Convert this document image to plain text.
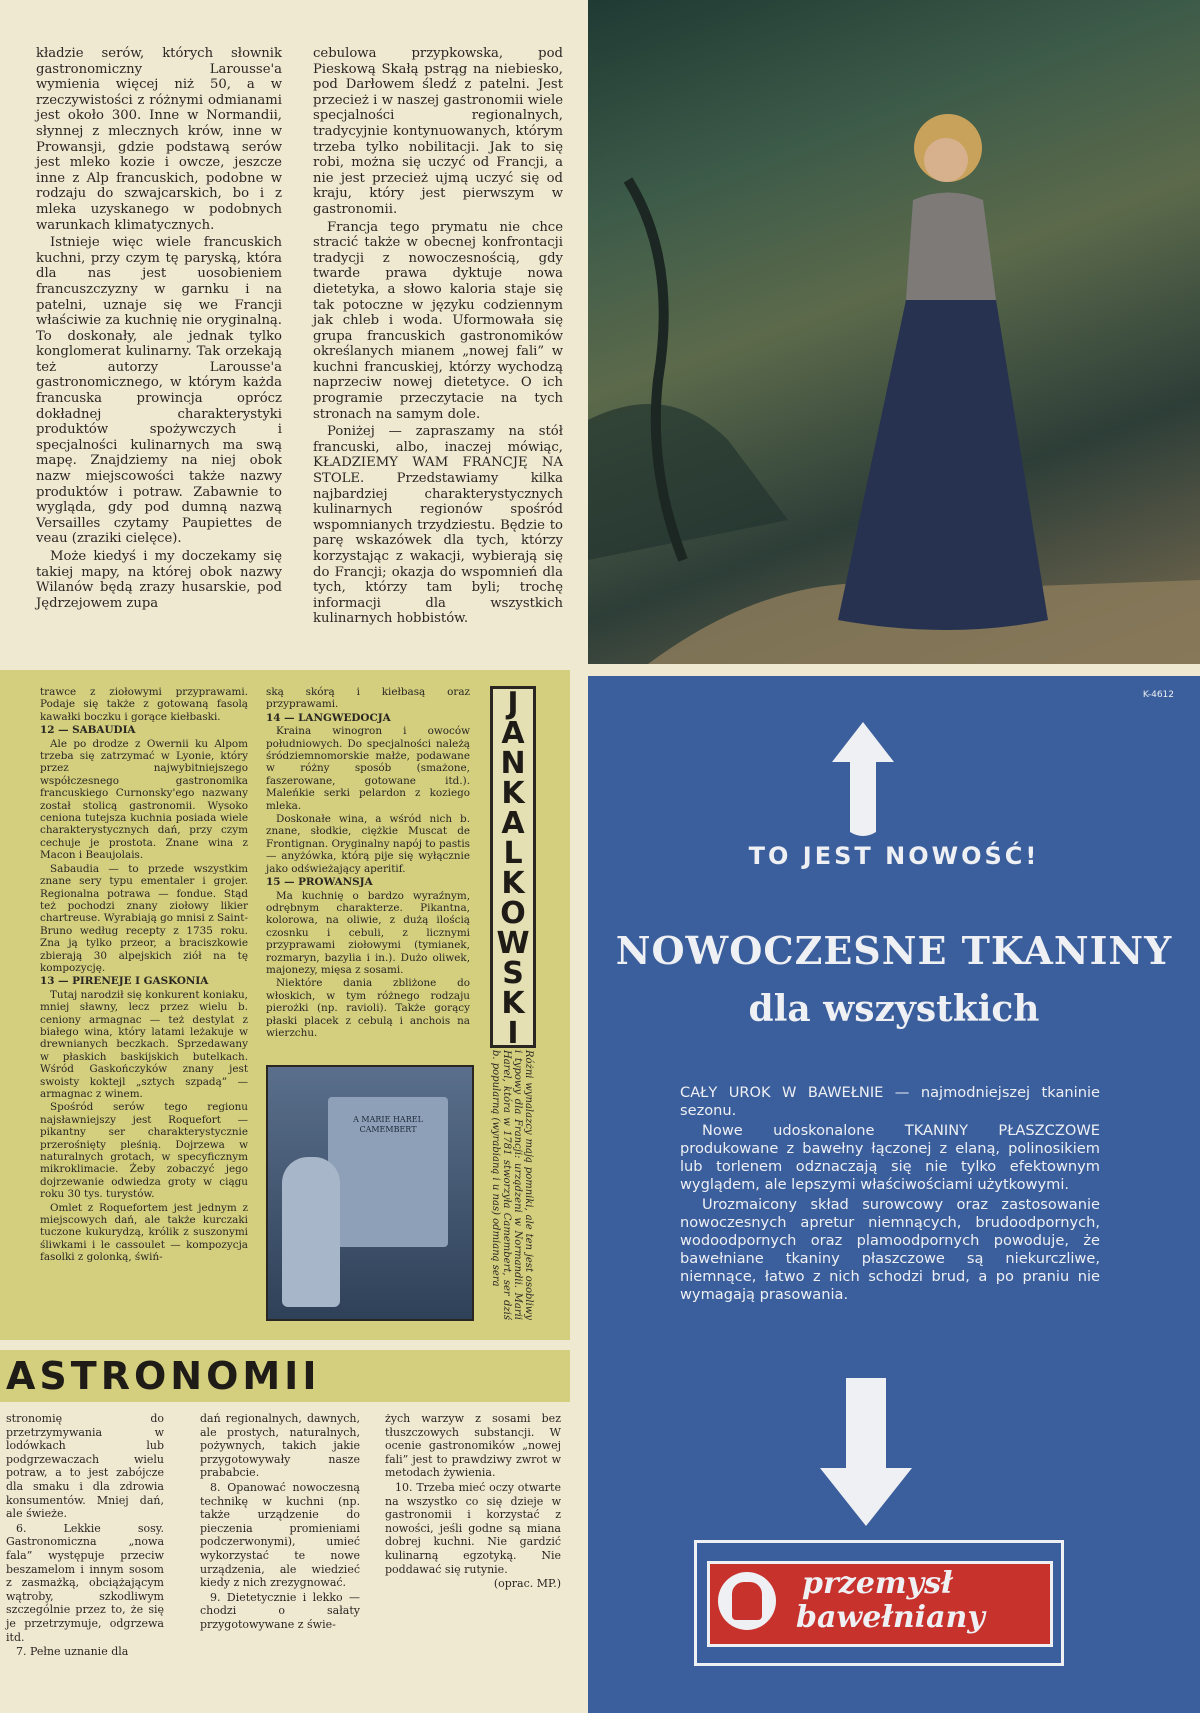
kładzie serów, których słownik gastronomiczny Larousse'a wymienia więcej niż 50, a w rzeczywistości z różnymi odmianami jest około 300. Inne w Normandii, słynnej z mlecznych krów, inne w Prowansji, gdzie podstawą serów jest mleko kozie i owcze, jeszcze inne z Alp francuskich, podobne w rodzaju do szwajcarskich, bo i z mleka uzyskanego w podobnych warunkach klimatycznych.

Istnieje więc wiele francuskich kuchni, przy czym tę paryską, która dla nas jest uosobieniem francuszczyzny w garnku i na patelni, uznaje się we Francji właściwie za kuchnię nie oryginalną. To doskonały, ale jednak tylko konglomerat kulinarny. Tak orzekają też autorzy Larousse'a gastronomicznego, w którym każda francuska prowincja oprócz dokładnej charakterystyki produktów spożywczych i specjalności kulinarnych ma swą mapę. Znajdziemy na niej obok nazw miejscowości także nazwy produktów i potraw. Zabawnie to wygląda, gdy pod dumną nazwą Versailles czytamy Paupiettes de veau (zraziki cielęce).

Może kiedyś i my doczekamy się takiej mapy, na której obok nazwy Wilanów będą zrazy husarskie, pod Jędrzejowem zupa

cebulowa przypkowska, pod Pieskową Skałą pstrąg na niebiesko, pod Darłowem śledź z patelni. Jest przecież i w naszej gastronomii wiele specjalności regionalnych, tradycyjnie kontynuowanych, którym trzeba tylko nobilitacji. Jak to się robi, można się uczyć od Francji, a nie jest przecież ujmą uczyć się od kraju, który jest pierwszym w gastronomii.

Francja tego prymatu nie chce stracić także w obecnej konfrontacji tradycji z nowoczesnością, gdy twarde prawa dyktuje nowa dietetyka, a słowo kaloria staje się tak potoczne w języku codziennym jak chleb i woda. Uformowała się grupa francuskich gastronomików określanych mianem „nowej fali” w kuchni francuskiej, którzy wychodzą naprzeciw nowej dietetyce. O ich programie przeczytacie na tych stronach na samym dole.

Poniżej — zapraszamy na stół francuski, albo, inaczej mówiąc, KŁADZIEMY WAM FRANCJĘ NA STOLE. Przedstawiamy kilka najbardziej charakterystycznych kulinarnych regionów spośród wspomnianych trzydziestu. Będzie to parę wskazówek dla tych, którzy korzystając z wakacji, wybierają się do Francji; okazja do wspomnień dla tych, którzy tam byli; trochę informacji dla wszystkich kulinarnych hobbistów.

trawce z ziołowymi przyprawami. Podaje się także z gotowaną fasolą kawałki boczku i gorące kiełbaski.

12 — SABAUDIA

Ale po drodze z Owernii ku Alpom trzeba się zatrzymać w Lyonie, który przez najwybitniejszego współczesnego gastronomika francuskiego Curnonsky'ego nazwany został stolicą gastronomii. Wysoko ceniona tutejsza kuchnia posiada wiele charakterystycznych dań, przy czym cechuje je prostota. Znane wina z Macon i Beaujolais.

Sabaudia — to przede wszystkim znane sery typu ementaler i grojer. Regionalna potrawa — fondue. Stąd też pochodzi znany ziołowy likier chartreuse. Wyrabiają go mnisi z Saint-Bruno według recepty z 1735 roku. Zna ją tylko przeor, a braciszkowie zbierają 30 alpejskich ziół na tę kompozycję.

13 — PIRENEJE I GASKONIA

Tutaj narodził się konkurent koniaku, mniej sławny, lecz przez wielu b. ceniony armagnac — też destylat z białego wina, który latami leżakuje w drewnianych beczkach. Sprzedawany w płaskich baskijskich butelkach. Wśród Gaskończyków znany jest swoisty koktejl „sztych szpadą” — armagnac z winem.

Spośród serów tego regionu najsławniejszy jest Roquefort — pikantny ser charakterystycznie przerośnięty pleśnią. Dojrzewa w naturalnych grotach, w specyficznym mikroklimacie. Żeby zobaczyć jego dojrzewanie odwiedza groty w ciągu roku 30 tys. turystów.

Omlet z Roquefortem jest jednym z miejscowych dań, ale także kurczaki tuczone kukurydzą, królik z suszonymi śliwkami i le cassoulet — kompozycja fasolki z golonką, świń-

ską skórą i kiełbasą oraz przyprawami.

14 — LANGWEDOCJA

Kraina winogron i owoców południowych. Do specjalności należą śródziemnomorskie małże, podawane w różny sposób (smażone, faszerowane, gotowane itd.). Maleńkie serki pelardon z koziego mleka.

Doskonałe wina, a wśród nich b. znane, słodkie, ciężkie Muscat de Frontignan. Oryginalny napój to pastis — anyżówka, którą pije się wyłącznie jako odświeżający aperitif.

15 — PROWANSJA

Ma kuchnię o bardzo wyraźnym, odrębnym charakterze. Pikantna, kolorowa, na oliwie, z dużą ilością czosnku i cebuli, z licznymi przyprawami ziołowymi (tymianek, rozmaryn, bazylia i in.). Dużo oliwek, majonezy, mięsa z sosami.

Niektóre dania zbliżone do włoskich, w tym różnego rodzaju pierożki (np. ravioli). Także gorący płaski placek z cebulą i anchois na wierzchu.

J
A
N
K
A
L
K
O
W
S
K
I
A MARIE HAREL CAMEMBERT	Różni wynalazcy mają pomniki, ale ten jest osobliwy i typowy dla Francji: urządzeni w Normandii. Marii Harel, która w 1781 stworzyła Camembert, ser dziś b. popularną (wyrabianą i u nas) odmianą sera
ASTRONOMII

stronomię do przetrzymywania w lodówkach lub podgrzewaczach wielu potraw, a to jest zabójcze dla smaku i dla zdrowia konsumentów. Mniej dań, ale świeże.

6. Lekkie sosy. Gastronomiczna „nowa fala” występuje przeciw beszamelom i innym sosom z zasmażką, obciążającym wątroby, szkodliwym szczególnie przez to, że się je przetrzymuje, odgrzewa itd.

7. Pełne uznanie dla

dań regionalnych, dawnych, ale prostych, naturalnych, pożywnych, takich jakie przygotowywały nasze prababcie.

8. Opanować nowoczesną technikę w kuchni (np. także urządzenie do pieczenia promieniami podczerwonymi), umieć wykorzystać te nowe urządzenia, ale wiedzieć kiedy z nich zrezygnować.

9. Dietetycznie i lekko — chodzi o sałaty przygotowywane z świe-

żych warzyw z sosami bez tłuszczowych substancji. W ocenie gastronomików „nowej fali” jest to prawdziwy zwrot w metodach żywienia.

10. Trzeba mieć oczy otwarte na wszystko co się dzieje w gastronomii i korzystać z nowości, jeśli godne są miana dobrej kuchni. Nie gardzić kulinarną egzotyką. Nie poddawać się rutynie.

(oprac. MP.)

K-4612
TO JEST NOWOŚĆ!
NOWOCZESNE TKANINY
dla wszystkich

CAŁY UROK W BAWEŁNIE — najmodniejszej tkaninie sezonu.

Nowe udoskonalone TKANINY PŁASZCZOWE produkowane z bawełny łączonej z elaną, polinosikiem lub torlenem odznaczają się nie tylko efektownym wyglądem, ale lepszymi właściwościami użytkowymi.

Urozmaicony skład surowcowy oraz zastosowanie nowoczesnych apretur niemnących, brudoodpornych, wodoodpornych oraz plamoodpornych powoduje, że bawełniane tkaniny płaszczowe są niekurczliwe, niemnące, łatwo z nich schodzi brud, a po praniu nie wymagają prasowania.

przemysł
bawełniany
